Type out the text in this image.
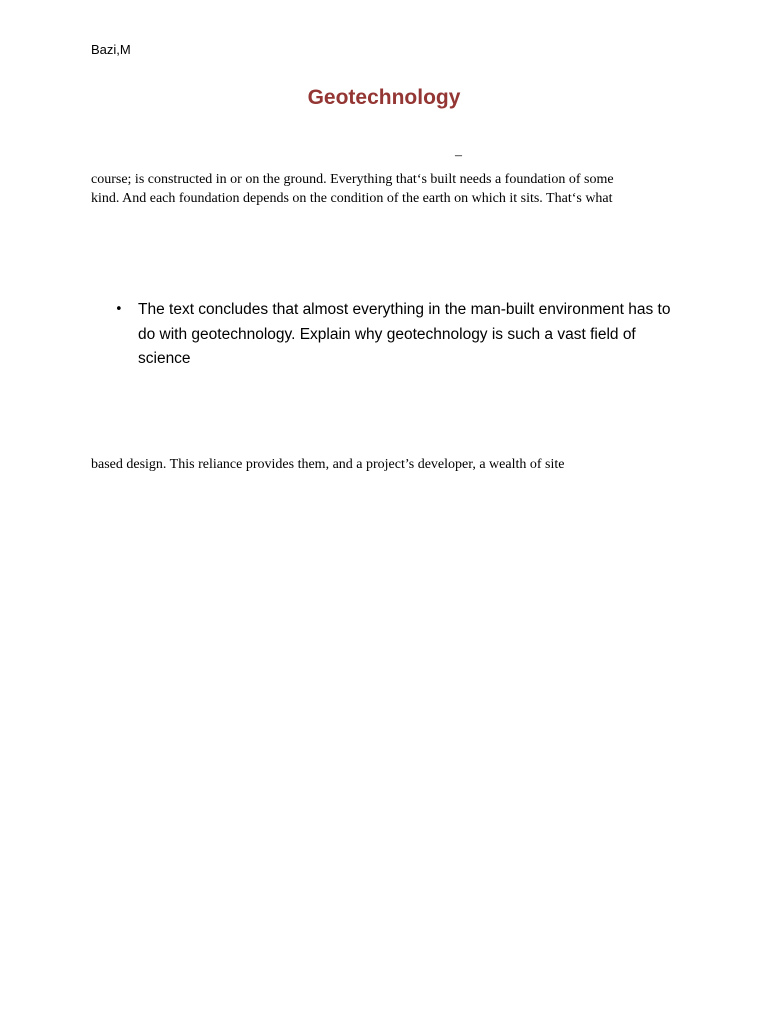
Bazi,M
Geotechnology
–
course; is constructed in or on the ground. Everything that‘s built needs a foundation of some
kind. And each foundation depends on the condition of the earth on which it sits. That‘s what
• The text concludes that almost everything in the man-built environment has to do with geotechnology. Explain why geotechnology is such a vast field of science
based design. This reliance provides them, and a project’s developer, a wealth of site
